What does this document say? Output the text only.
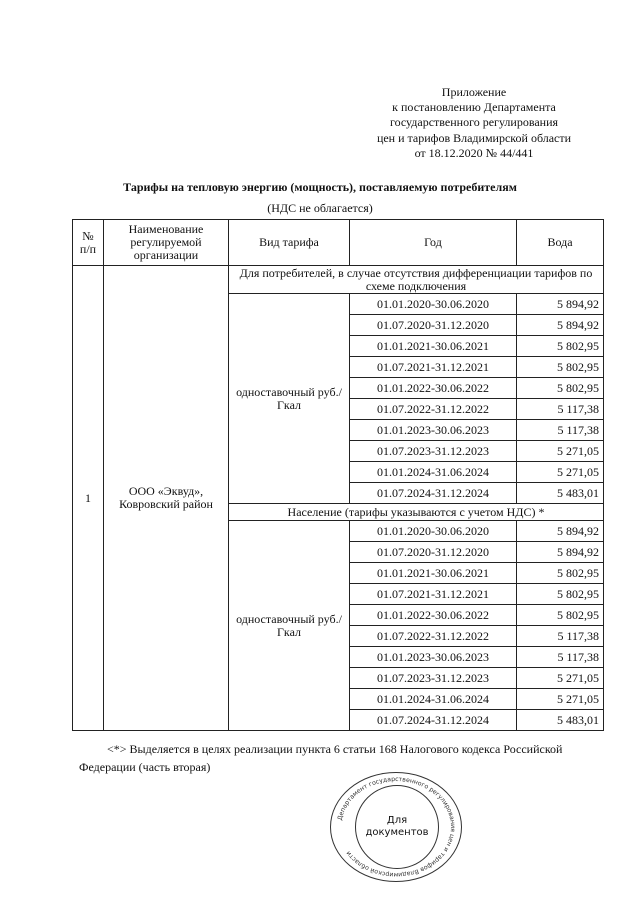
Приложение
к постановлению Департамента
государственного регулирования
цен и тарифов Владимирской области
от 18.12.2020 № 44/441
Тарифы на тепловую энергию (мощность), поставляемую потребителям
(НДС не облагается)
№ п/п	Наименование регулируемой организации	Вид тарифа	Год	Вода
1	ООО «Эквуд», Ковровский район	Для потребителей, в случае отсутствия дифференциации тарифов по схеме подключения		
		одноставочный руб./Гкал	01.01.2020-30.06.2020	5 894,92
			01.07.2020-31.12.2020	5 894,92
			01.01.2021-30.06.2021	5 802,95
			01.07.2021-31.12.2021	5 802,95
			01.01.2022-30.06.2022	5 802,95
			01.07.2022-31.12.2022	5 117,38
			01.01.2023-30.06.2023	5 117,38
			01.07.2023-31.12.2023	5 271,05
			01.01.2024-31.06.2024	5 271,05
			01.07.2024-31.12.2024	5 483,01
		Население (тарифы указываются с учетом НДС) *		
		одноставочный руб./Гкал	01.01.2020-30.06.2020	5 894,92
			01.07.2020-31.12.2020	5 894,92
			01.01.2021-30.06.2021	5 802,95
			01.07.2021-31.12.2021	5 802,95
			01.01.2022-30.06.2022	5 802,95
			01.07.2022-31.12.2022	5 117,38
			01.01.2023-30.06.2023	5 117,38
			01.07.2023-31.12.2023	5 271,05
			01.01.2024-31.06.2024	5 271,05
			01.07.2024-31.12.2024	5 483,01
<*> Выделяется в целях реализации пункта 6 статьи 168 Налогового кодекса Российской
Федерации (часть вторая)
Департамент государственного регулирования цен и тарифов Владимирской области
Для документов
